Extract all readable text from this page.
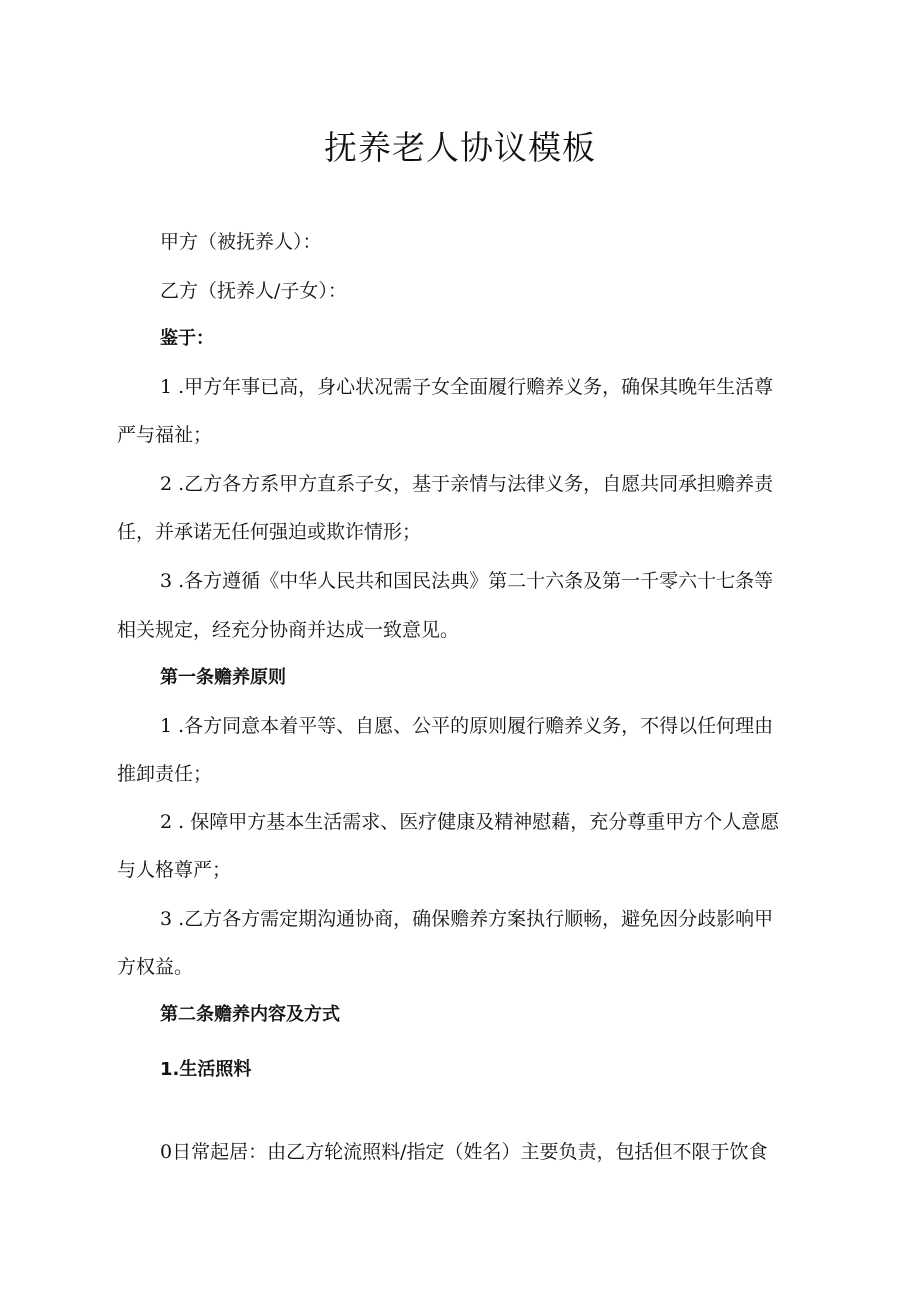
抚养老人协议模板

甲方（被抚养人）：

乙方（抚养人/子女）：

鉴于：

1 .甲方年事已高，身心状况需子女全面履行赡养义务，确保其晚年生活尊

严与福祉；

2 .乙方各方系甲方直系子女，基于亲情与法律义务，自愿共同承担赡养责

任，并承诺无任何强迫或欺诈情形；

3 .各方遵循《中华人民共和国民法典》第二十六条及第一千零六十七条等

相关规定，经充分协商并达成一致意见。

第一条赡养原则

1 .各方同意本着平等、自愿、公平的原则履行赡养义务，不得以任何理由

推卸责任；

2 . 保障甲方基本生活需求、医疗健康及精神慰藉，充分尊重甲方个人意愿

与人格尊严；

3 .乙方各方需定期沟通协商，确保赡养方案执行顺畅，避免因分歧影响甲

方权益。

第二条赡养内容及方式

1.生活照料

0日常起居：由乙方轮流照料/指定（姓名）主要负责，包括但不限于饮食
